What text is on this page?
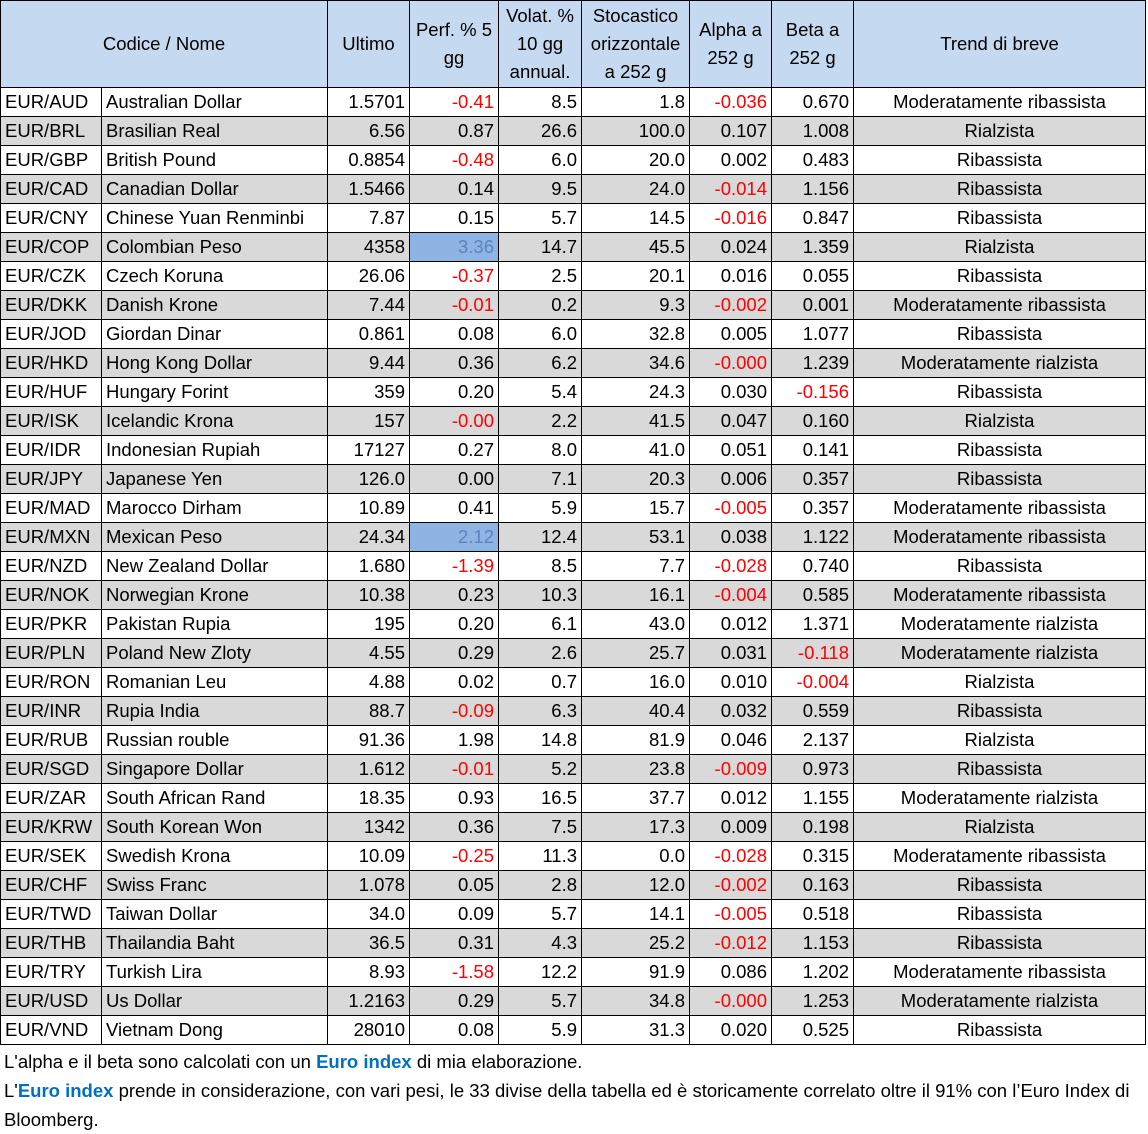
Codice / Nome		Ultimo	Perf. % 5 gg	Volat. % 10 gg annual.	Stocastico orizzontale a 252 g	Alpha a 252 g	Beta a 252 g	Trend di breve
EUR/AUD	Australian Dollar	1.5701	-0.41	8.5	1.8	-0.036	0.670	Moderatamente ribassista
EUR/BRL	Brasilian Real	6.56	0.87	26.6	100.0	0.107	1.008	Rialzista
EUR/GBP	British Pound	0.8854	-0.48	6.0	20.0	0.002	0.483	Ribassista
EUR/CAD	Canadian Dollar	1.5466	0.14	9.5	24.0	-0.014	1.156	Ribassista
EUR/CNY	Chinese Yuan Renminbi	7.87	0.15	5.7	14.5	-0.016	0.847	Ribassista
EUR/COP	Colombian Peso	4358	3.36	14.7	45.5	0.024	1.359	Rialzista
EUR/CZK	Czech Koruna	26.06	-0.37	2.5	20.1	0.016	0.055	Ribassista
EUR/DKK	Danish Krone	7.44	-0.01	0.2	9.3	-0.002	0.001	Moderatamente ribassista
EUR/JOD	Giordan Dinar	0.861	0.08	6.0	32.8	0.005	1.077	Ribassista
EUR/HKD	Hong Kong Dollar	9.44	0.36	6.2	34.6	-0.000	1.239	Moderatamente rialzista
EUR/HUF	Hungary Forint	359	0.20	5.4	24.3	0.030	-0.156	Ribassista
EUR/ISK	Icelandic Krona	157	-0.00	2.2	41.5	0.047	0.160	Rialzista
EUR/IDR	Indonesian Rupiah	17127	0.27	8.0	41.0	0.051	0.141	Ribassista
EUR/JPY	Japanese Yen	126.0	0.00	7.1	20.3	0.006	0.357	Ribassista
EUR/MAD	Marocco Dirham	10.89	0.41	5.9	15.7	-0.005	0.357	Moderatamente ribassista
EUR/MXN	Mexican Peso	24.34	2.12	12.4	53.1	0.038	1.122	Moderatamente ribassista
EUR/NZD	New Zealand Dollar	1.680	-1.39	8.5	7.7	-0.028	0.740	Ribassista
EUR/NOK	Norwegian Krone	10.38	0.23	10.3	16.1	-0.004	0.585	Moderatamente ribassista
EUR/PKR	Pakistan Rupia	195	0.20	6.1	43.0	0.012	1.371	Moderatamente rialzista
EUR/PLN	Poland New Zloty	4.55	0.29	2.6	25.7	0.031	-0.118	Moderatamente rialzista
EUR/RON	Romanian Leu	4.88	0.02	0.7	16.0	0.010	-0.004	Rialzista
EUR/INR	Rupia India	88.7	-0.09	6.3	40.4	0.032	0.559	Ribassista
EUR/RUB	Russian rouble	91.36	1.98	14.8	81.9	0.046	2.137	Rialzista
EUR/SGD	Singapore Dollar	1.612	-0.01	5.2	23.8	-0.009	0.973	Ribassista
EUR/ZAR	South African Rand	18.35	0.93	16.5	37.7	0.012	1.155	Moderatamente rialzista
EUR/KRW	South Korean Won	1342	0.36	7.5	17.3	0.009	0.198	Rialzista
EUR/SEK	Swedish Krona	10.09	-0.25	11.3	0.0	-0.028	0.315	Moderatamente ribassista
EUR/CHF	Swiss Franc	1.078	0.05	2.8	12.0	-0.002	0.163	Ribassista
EUR/TWD	Taiwan Dollar	34.0	0.09	5.7	14.1	-0.005	0.518	Ribassista
EUR/THB	Thailandia Baht	36.5	0.31	4.3	25.2	-0.012	1.153	Ribassista
EUR/TRY	Turkish Lira	8.93	-1.58	12.2	91.9	0.086	1.202	Moderatamente ribassista
EUR/USD	Us Dollar	1.2163	0.29	5.7	34.8	-0.000	1.253	Moderatamente rialzista
EUR/VND	Vietnam Dong	28010	0.08	5.9	31.3	0.020	0.525	Ribassista
L'alpha e il beta sono calcolati con un Euro index di mia elaborazione.
L'Euro index prende in considerazione, con vari pesi, le 33 divise della tabella ed è storicamente correlato oltre il 91% con l’Euro Index di Bloomberg.
